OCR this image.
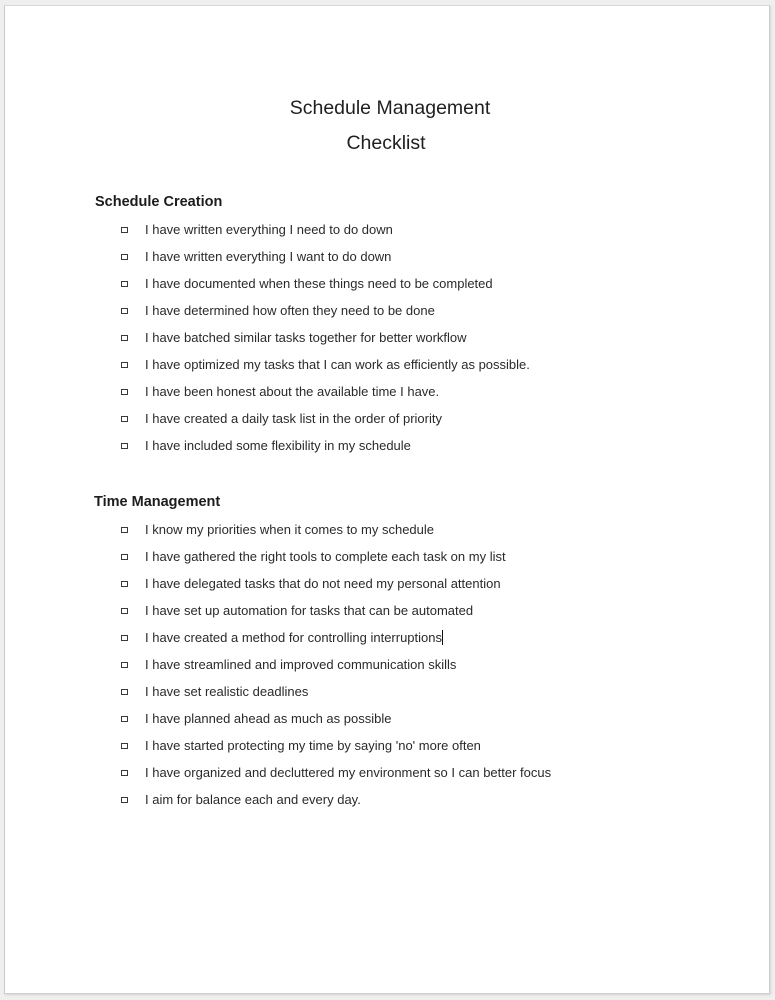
Schedule Management
Checklist
Schedule Creation
I have written everything I need to do down
I have written everything I want to do down
I have documented when these things need to be completed
I have determined how often they need to be done
I have batched similar tasks together for better workflow
I have optimized my tasks that I can work as efficiently as possible.
I have been honest about the available time I have.
I have created a daily task list in the order of priority
I have included some flexibility in my schedule
Time Management
I know my priorities when it comes to my schedule
I have gathered the right tools to complete each task on my list
I have delegated tasks that do not need my personal attention
I have set up automation for tasks that can be automated
I have created a method for controlling interruptions
I have streamlined and improved communication skills
I have set realistic deadlines
I have planned ahead as much as possible
I have started protecting my time by saying 'no' more often
I have organized and decluttered my environment so I can better focus
I aim for balance each and every day.
